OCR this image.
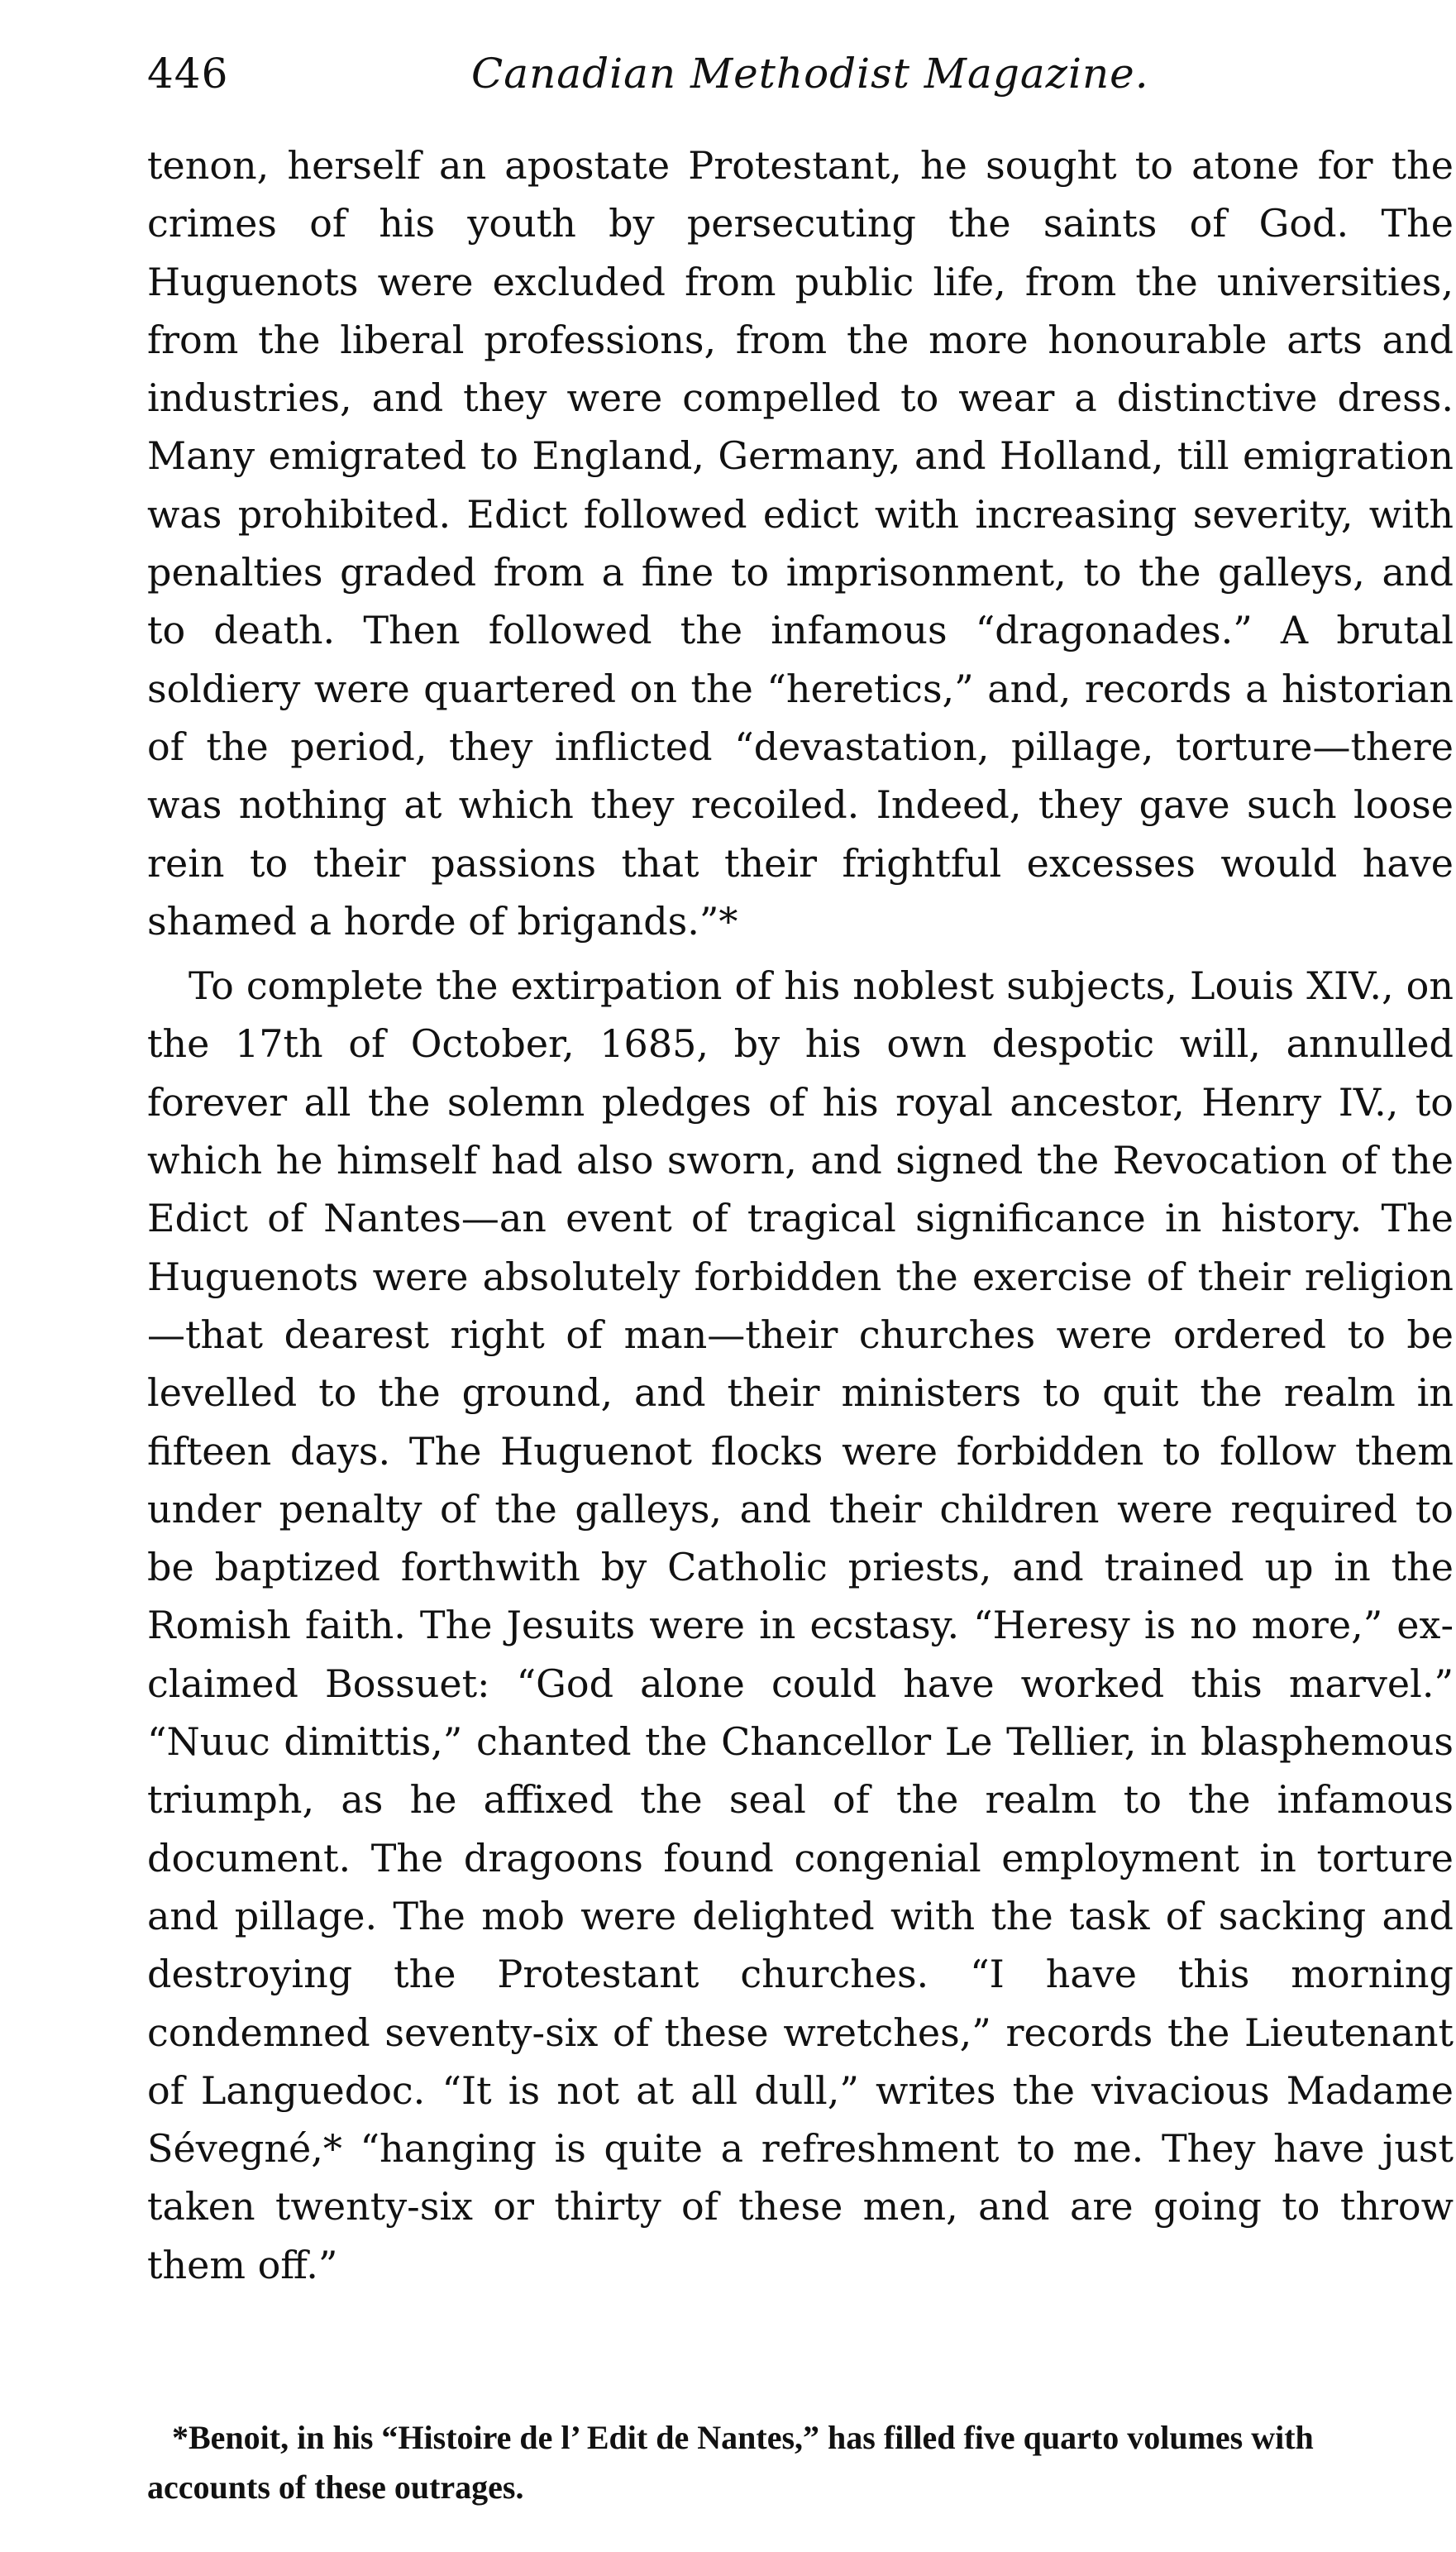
446	Canadian Methodist Magazine.

tenon, herself an apostate Protestant, he sought to atone for the crimes of his youth by persecuting the saints of God. The Huguenots were excluded from public life, from the universities, from the liberal professions, from the more honourable arts and industries, and they were compelled to wear a distinctive dress. Many emigrated to England, Germany, and Holland, till emigration was prohibited. Edict followed edict with increasing severity, with penalties graded from a fine to imprisonment, to the galleys, and to death. Then followed the infamous “dragonades.” A brutal soldiery were quartered on the “heretics,” and, records a historian of the period, they inflicted “devastation, pillage, torture—there was nothing at which they recoiled. Indeed, they gave such loose rein to their passions that their frightful excesses would have shamed a horde of brigands.”*

To complete the extirpation of his noblest subjects, Louis XIV., on the 17th of October, 1685, by his own despotic will, annulled forever all the solemn pledges of his royal ancestor, Henry IV., to which he himself had also sworn, and signed the Revocation of the Edict of Nantes—an event of tragical significance in history. The Huguenots were absolutely forbidden the exercise of their religion—that dearest right of man—their churches were ordered to be levelled to the ground, and their ministers to quit the realm in fifteen days. The Huguenot flocks were forbidden to follow them under penalty of the galleys, and their children were required to be baptized forthwith by Catholic priests, and trained up in the Romish faith. The Jesuits were in ecstasy. “Heresy is no more,” exclaimed Bossuet: “God alone could have worked this marvel.” “Nuuc dimittis,” chanted the Chancellor Le Tellier, in blasphemous triumph, as he affixed the seal of the realm to the infamous document. The dragoons found congenial employment in torture and pillage. The mob were delighted with the task of sacking and destroying the Protestant churches. “I have this morning condemned seventy-six of these wretches,” records the Lieutenant of Languedoc. “It is not at all dull,” writes the vivacious Madame Sévegné,* “hanging is quite a refreshment to me. They have just taken twenty-six or thirty of these men, and are going to throw them off.”

*Benoit, in his “Histoire de l’ Edit de Nantes,” has filled five quarto volumes with accounts of these outrages.
